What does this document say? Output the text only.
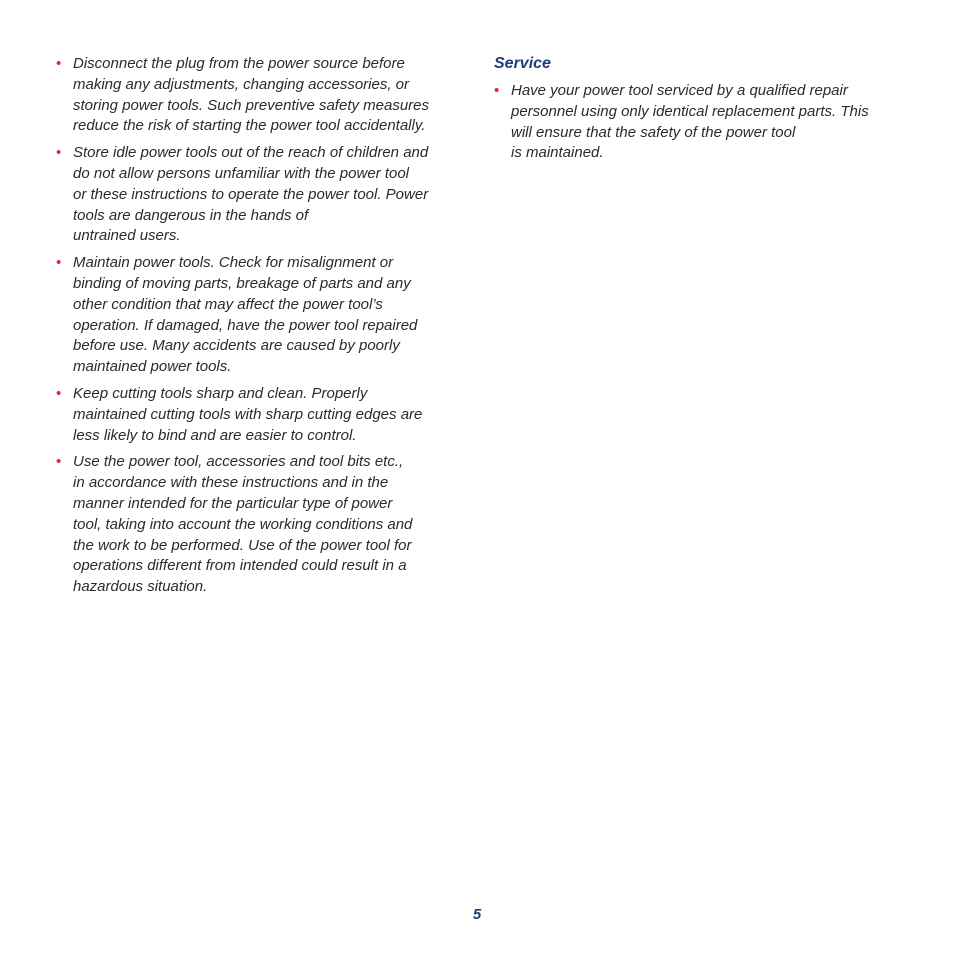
• Disconnect the plug from the power source before
making any adjustments, changing accessories, or
storing power tools. Such preventive safety measures
reduce the risk of starting the power tool accidentally.
• Store idle power tools out of the reach of children and
do not allow persons unfamiliar with the power tool
or these instructions to operate the power tool. Power
tools are dangerous in the hands of
untrained users.
• Maintain power tools. Check for misalignment or
binding of moving parts, breakage of parts and any
other condition that may affect the power tool’s
operation. If damaged, have the power tool repaired
before use. Many accidents are caused by poorly
maintained power tools.
• Keep cutting tools sharp and clean. Properly
maintained cutting tools with sharp cutting edges are
less likely to bind and are easier to control.
• Use the power tool, accessories and tool bits etc.,
in accordance with these instructions and in the
manner intended for the particular type of power
tool, taking into account the working conditions and
the work to be performed. Use of the power tool for
operations different from intended could result in a
hazardous situation.
Service
• Have your power tool serviced by a qualified repair
personnel using only identical replacement parts. This
will ensure that the safety of the power tool
is maintained.
5
